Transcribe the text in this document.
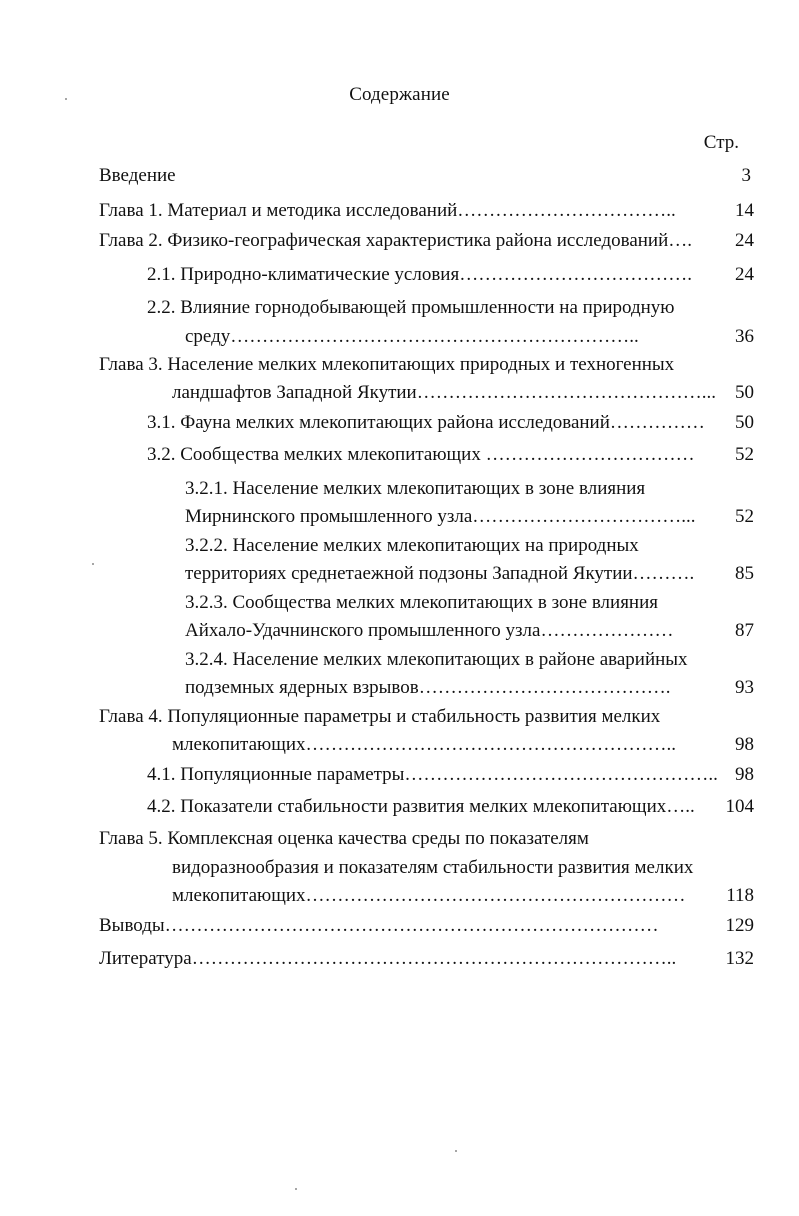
Содержание
Стр.
Введение	3
Глава 1. Материал и методика исследований……………………………..	14
Глава 2. Физико-географическая характеристика района исследований…. 24
2.1. Природно-климатические условия………………………………. 24
2.2. Влияние горнодобывающей промышленности на природную
среду………………………………………………………..	36
Глава 3. Население мелких млекопитающих природных и техногенных
ландшафтов Западной Якутии………………………………………... 50
3.1. Фауна мелких млекопитающих района исследований…………… 50
3.2. Сообщества мелких млекопитающих …………………………… 52
3.2.1. Население мелких млекопитающих в зоне влияния
Мирнинского промышленного узла……………………………... 52
3.2.2. Население мелких млекопитающих на природных
территориях среднетаежной подзоны Западной Якутии………. 85
3.2.3. Сообщества мелких млекопитающих в зоне влияния
Айхало-Удачнинского промышленного узла…………………	87
3.2.4. Население мелких млекопитающих в районе аварийных
подземных ядерных взрывов………………………………….	93
Глава 4. Популяционные параметры и стабильность развития мелких
млекопитающих…………………………………………………..	98
4.1. Популяционные параметры………………………………………….. 98
4.2. Показатели стабильности развития мелких млекопитающих….. 104
Глава 5. Комплексная оценка качества среды по показателям
видоразнообразия и показателям стабильности развития мелких
млекопитающих…………………………………………………… 118
Выводы……………………………………………………………………	129
Литература…………………………………………………………………..	132
